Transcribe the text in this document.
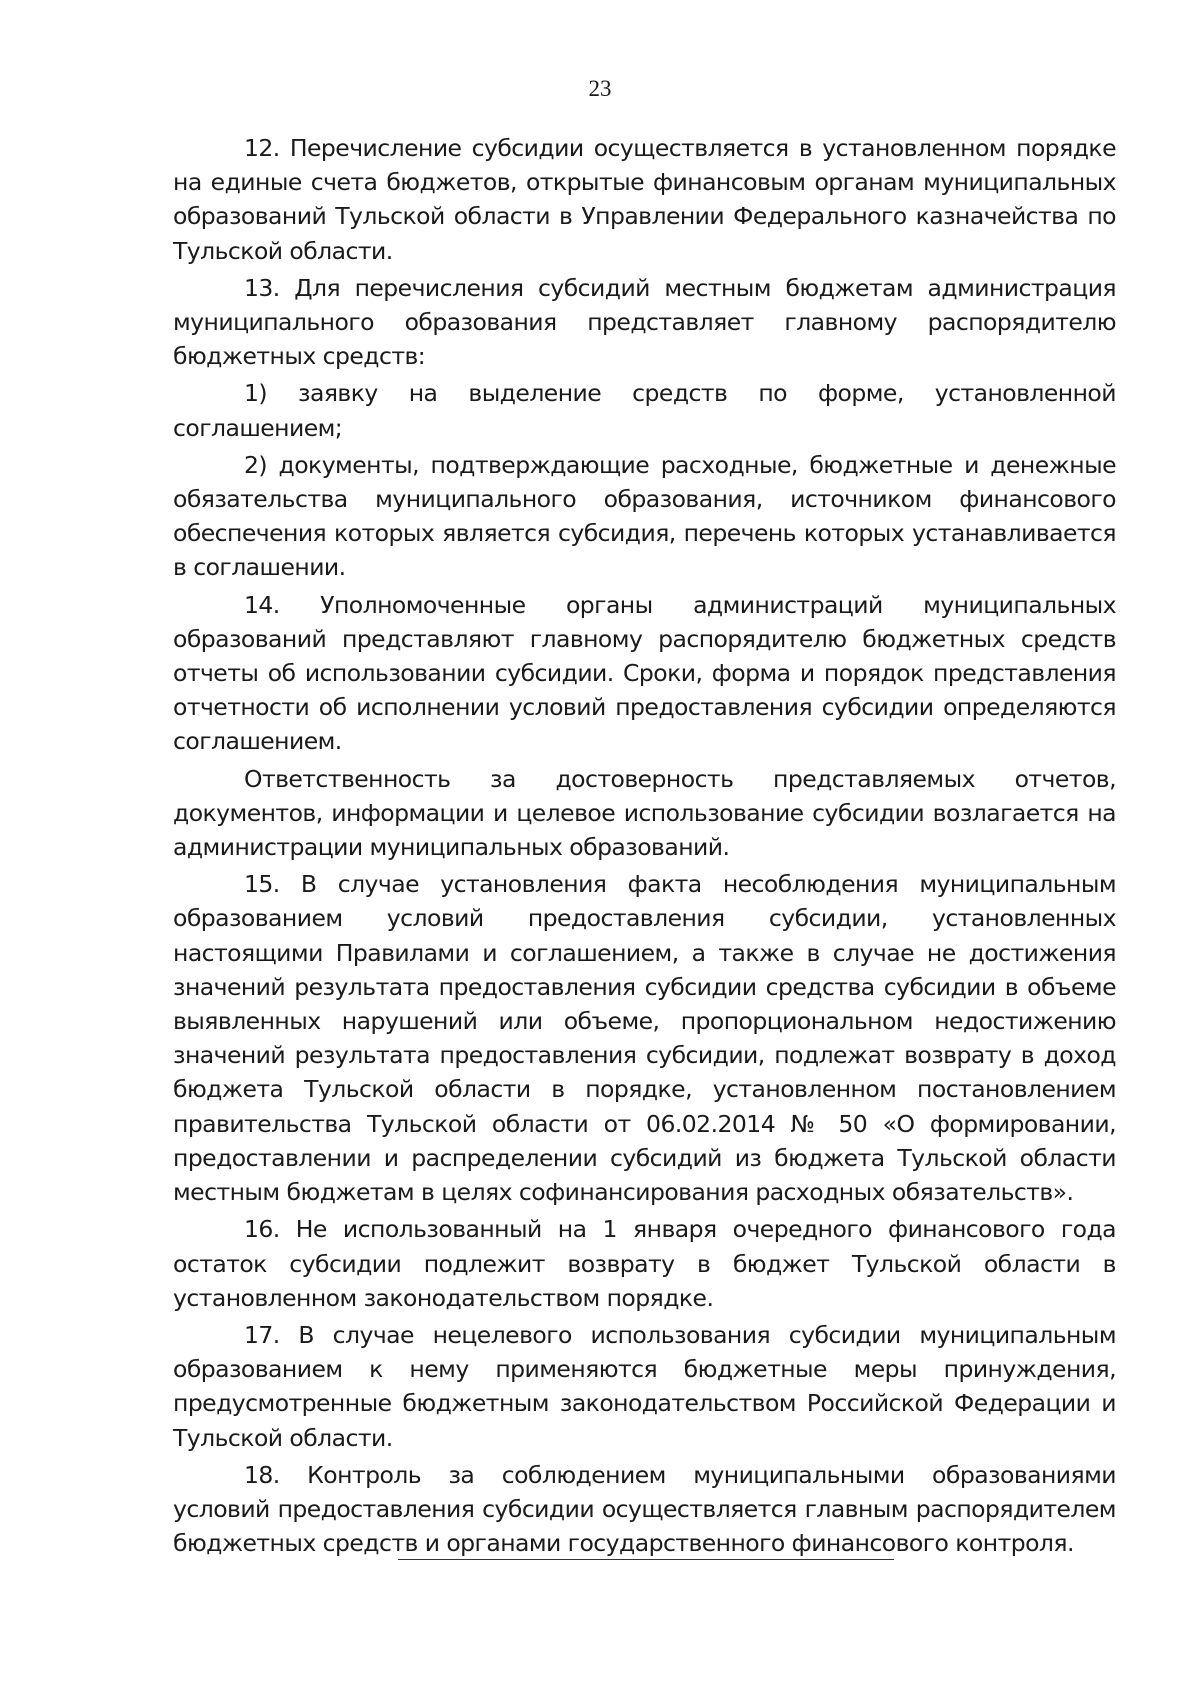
23

12. Перечисление субсидии осуществляется в установленном порядке на единые счета бюджетов, открытые финансовым органам муниципальных образований Тульской области в Управлении Федерального казначейства по Тульской области.

13. Для перечисления субсидий местным бюджетам администрация муниципального образования представляет главному распорядителю бюджетных средств:

1) заявку на выделение средств по форме, установленной соглашением;

2) документы, подтверждающие расходные, бюджетные и денежные обязательства муниципального образования, источником финансового обеспечения которых является субсидия, перечень которых устанавливается в соглашении.

14. Уполномоченные органы администраций муниципальных образований представляют главному распорядителю бюджетных средств отчеты об использовании субсидии. Сроки, форма и порядок представления отчетности об исполнении условий предоставления субсидии определяются соглашением.

Ответственность за достоверность представляемых отчетов, документов, информации и целевое использование субсидии возлагается на администрации муниципальных образований.

15. В случае установления факта несоблюдения муниципальным образованием условий предоставления субсидии, установленных настоящими Правилами и соглашением, а также в случае не достижения значений результата предоставления субсидии средства субсидии в объеме выявленных нарушений или объеме, пропорциональном недостижению значений результата предоставления субсидии, подлежат возврату в доход бюджета Тульской области в порядке, установленном постановлением правительства Тульской области от 06.02.2014 № 50 «О формировании, предоставлении и распределении субсидий из бюджета Тульской области местным бюджетам в целях софинансирования расходных обязательств».

16. Не использованный на 1 января очередного финансового года остаток субсидии подлежит возврату в бюджет Тульской области в установленном законодательством порядке.

17. В случае нецелевого использования субсидии муниципальным образованием к нему применяются бюджетные меры принуждения, предусмотренные бюджетным законодательством Российской Федерации и Тульской области.

18. Контроль за соблюдением муниципальными образованиями условий предоставления субсидии осуществляется главным распорядителем бюджетных средств и органами государственного финансового контроля.
